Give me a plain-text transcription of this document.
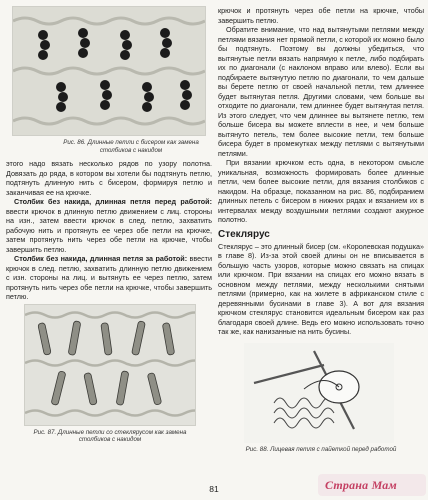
Рис. 86. Длинные петли с бисером как замена столбиков с накидом

этого надо вязать несколько рядов по узору полотна. Довязать до ряда, в котором вы хотели бы подтянуть петлю, подтянуть длинную нить с бисером, формируя петлю и заканчивая ее на крючке.

Столбик без накида, длинная петля перед работой: ввести крючок в длинную петлю движением с лиц. стороны на изн., затем ввести крючок в след. петлю, захватить рабочую нить и протянуть ее через обе петли на крючке, затем протянуть нить через обе петли на крючке, чтобы завершить петлю.

Столбик без накида, длинная петля за работой: ввести крючок в след. петлю, захватить длинную петлю движением с изн. стороны на лиц. и вытянуть ее через петлю, затем протянуть нить через обе петли на крючке, чтобы завершить петлю.

Рис. 87. Длинные петли со стеклярусом как замена столбиков с накидом

крючок и протянуть через обе петли на крючке, чтобы завершить петлю.

Обратите внимание, что над вытянутыми петлями между петлями вязания нет прямой петли, с которой их можно было бы подтянуть. Поэтому вы должны убедиться, что вытянутые петли вязать напрямую к петле, либо подбирать их по диагонали (с наклоном вправо или влево). Если вы подбираете вытянутую петлю по диагонали, то чем дальше вы берете петлю от своей начальной петли, тем длиннее будет вытянутая петля. Другими словами, чем больше вы отходите по диагонали, тем длиннее будет вытянутая петля. Из этого следует, что чем длиннее вы вытянете петлю, тем больше бисера вы можете вплести в нее, и чем больше вытянуто петель, тем более высокие петли, тем больше бисера будет в промежутках между петлями с вытянутыми петлями.

При вязании крючком есть одна, в некотором смысле уникальная, возможность формировать более длинные петли, чем более высокие петли, для вязания столбиков с накидом. На образце, показанном на рис. 86, подбиранием длинных петель с бисером в нижних рядах и вязанием их в интервалах между воздушными петлями создают ажурное полотно.

Стеклярус

Стеклярус – это длинный бисер (см. «Королевская подушка» в главе 8). Из-за этой своей длины он не вписывается в большую часть узоров, которые можно связать на спицах или крючком. При вязании на спицах его можно вязать в основном между петлями, между несколькими снятыми петлями (примерно, как на жилете в африканском стиле с деревянными бусинами в главе 3). А вот для вязания крючком стеклярус становится идеальным бисером как раз благодаря своей длине. Ведь его можно использовать точно так же, как нанизанные на нить бусины.

Рис. 88. Лицевая петля с пайеткой перед работой
81	Страна Мам
